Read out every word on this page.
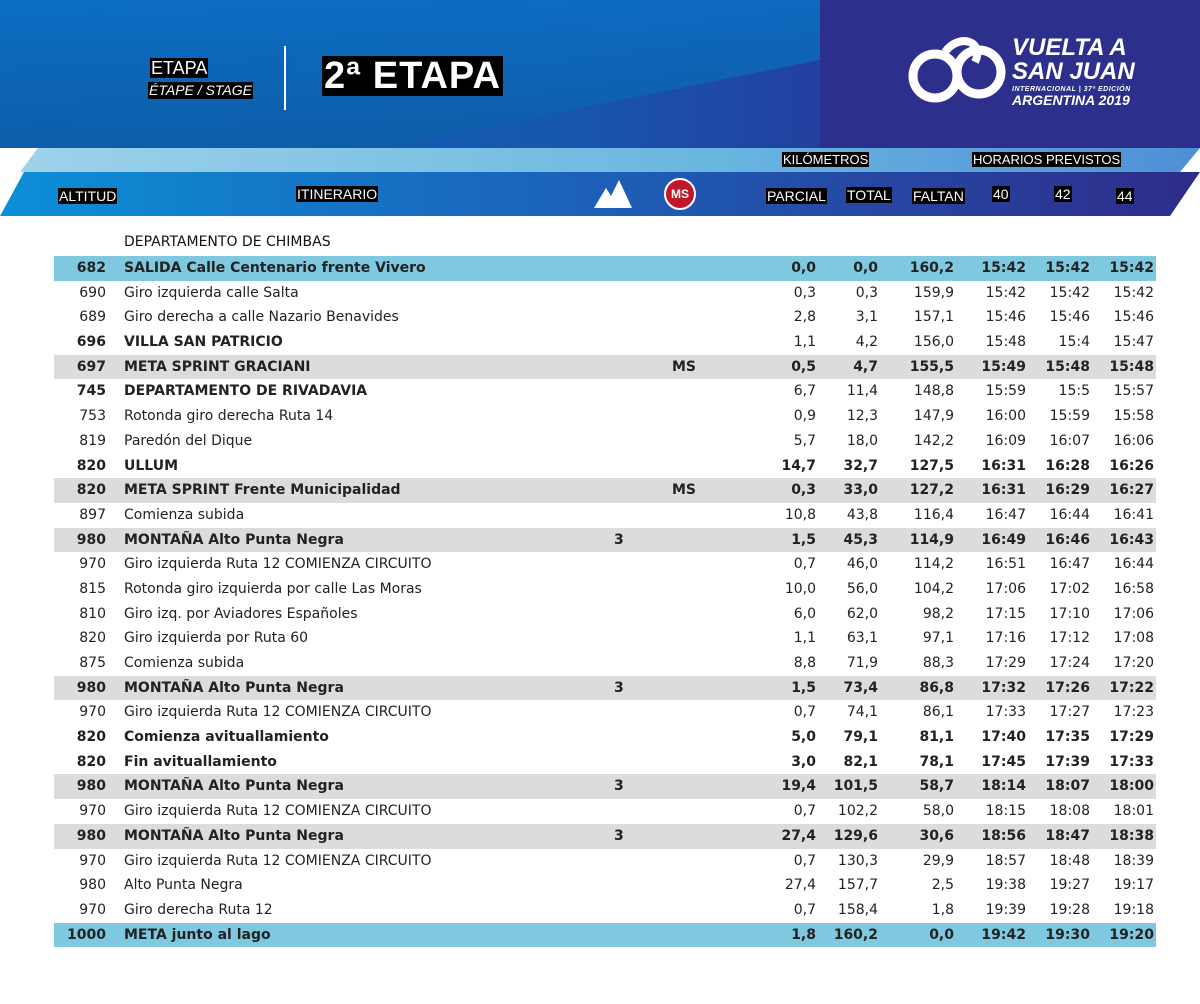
ETAPA
ÉTAPE / STAGE 2ª ETAPA
VUELTA A
SAN JUAN
INTERNACIONAL | 37ª EDICIÓN
ARGENTINA 2019
KILÓMETROS	HORARIOS PREVISTOS
ALTITUD	ITINERARIO	MS	PARCIAL TOTAL FALTAN 40	42	44
DEPARTAMENTO DE CHIMBAS
682 SALIDA Calle Centenario frente Vivero	0,0	0,0	160,2	15:42	15:42	15:42
690 Giro izquierda calle Salta	0,3	0,3	159,9	15:42	15:42	15:42
689 Giro derecha a calle Nazario Benavides	2,8	3,1	157,1	15:46	15:46	15:46
696 VILLA SAN PATRICIO	1,1	4,2	156,0	15:48	15:4	15:47
697 META SPRINT GRACIANI	MS	0,5	4,7	155,5	15:49	15:48	15:48
745 DEPARTAMENTO DE RIVADAVIA	6,7	11,4	148,8	15:59	15:5	15:57
753 Rotonda giro derecha Ruta 14	0,9	12,3	147,9	16:00	15:59	15:58
819 Paredón del Dique	5,7	18,0	142,2	16:09	16:07	16:06
820 ULLUM	14,7	32,7	127,5	16:31	16:28	16:26
820 META SPRINT Frente Municipalidad	MS	0,3	33,0	127,2	16:31	16:29	16:27
897 Comienza subida	10,8	43,8	116,4	16:47	16:44	16:41
980 MONTAÑA Alto Punta Negra	3	1,5	45,3	114,9	16:49	16:46	16:43
970 Giro izquierda Ruta 12 COMIENZA CIRCUITO	0,7	46,0	114,2	16:51	16:47	16:44
815 Rotonda giro izquierda por calle Las Moras	10,0	56,0	104,2	17:06	17:02	16:58
810 Giro izq. por Aviadores Españoles	6,0	62,0	98,2	17:15	17:10	17:06
820 Giro izquierda por Ruta 60	1,1	63,1	97,1	17:16	17:12	17:08
875 Comienza subida	8,8	71,9	88,3	17:29	17:24	17:20
980 MONTAÑA Alto Punta Negra	3	1,5	73,4	86,8	17:32	17:26	17:22
970 Giro izquierda Ruta 12 COMIENZA CIRCUITO	0,7	74,1	86,1	17:33	17:27	17:23
820 Comienza avituallamiento	5,0	79,1	81,1	17:40	17:35	17:29
820 Fin avituallamiento	3,0	82,1	78,1	17:45	17:39	17:33
980 MONTAÑA Alto Punta Negra	3	19,4	101,5	58,7	18:14	18:07	18:00
970 Giro izquierda Ruta 12 COMIENZA CIRCUITO	0,7	102,2	58,0	18:15	18:08	18:01
980 MONTAÑA Alto Punta Negra	3	27,4	129,6	30,6	18:56	18:47	18:38
970 Giro izquierda Ruta 12 COMIENZA CIRCUITO	0,7	130,3	29,9	18:57	18:48	18:39
980 Alto Punta Negra	27,4	157,7	2,5	19:38	19:27	19:17
970 Giro derecha Ruta 12	0,7	158,4	1,8	19:39	19:28	19:18
1000 META junto al lago	1,8	160,2	0,0	19:42	19:30	19:20
